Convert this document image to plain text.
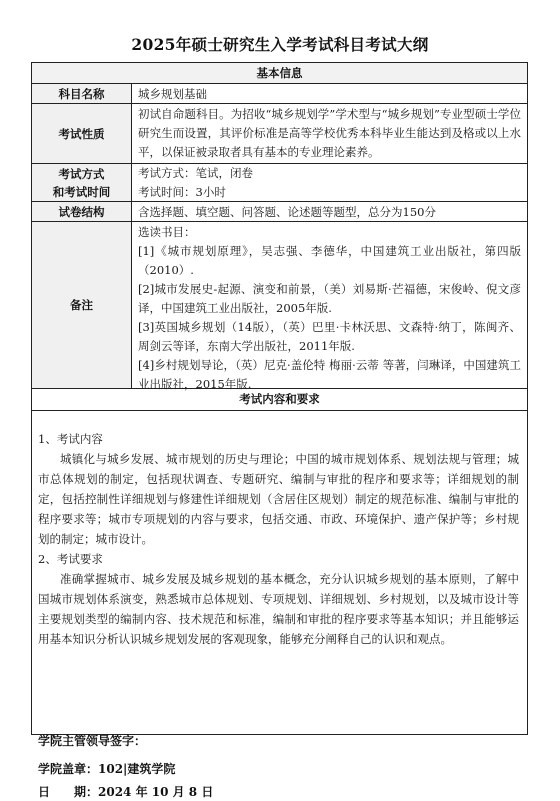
2025年硕士研究生入学考试科目考试大纲
基本信息
科目名称	城乡规划基础
考试性质
初试自命题科目。为招收“城乡规划学”学术型与“城乡规划”专业型硕士学位研究生而设置，其评价标准是高等学校优秀本科毕业生能达到及格或以上水平，以保证被录取者具有基本的专业理论素养。
考试方式
和考试时间
考试方式：笔试，闭卷
考试时间：3小时
试卷结构	含选择题、填空题、问答题、论述题等题型，总分为150分
备注
选读书目：
[1]《城市规划原理》，吴志强、李德华，中国建筑工业出版社，第四版（2010）.
[2]城市发展史-起源、演变和前景，（美）刘易斯·芒福德，宋俊岭、倪文彦译，中国建筑工业出版社，2005年版.
[3]英国城乡规划（14版），（英）巴里·卡林沃思、文森特·纳丁，陈闽齐、周剑云等译，东南大学出版社，2011年版.
[4]乡村规划导论，（英）尼克·盖伦特 梅丽·云蒂 等著，闫琳译，中国建筑工业出版社，2015年版.
考试内容和要求

1、考试内容

城镇化与城乡发展、城市规划的历史与理论；中国的城市规划体系、规划法规与管理；城市总体规划的制定，包括现状调查、专题研究、编制与审批的程序和要求等；详细规划的制定，包括控制性详细规划与修建性详细规划（含居住区规划）制定的规范标准、编制与审批的程序要求等；城市专项规划的内容与要求，包括交通、市政、环境保护、遗产保护等；乡村规划的制定；城市设计。

2、考试要求

准确掌握城市、城乡发展及城乡规划的基本概念，充分认识城乡规划的基本原则，了解中国城市规划体系演变，熟悉城市总体规划、专项规划、详细规划、乡村规划，以及城市设计等主要规划类型的编制内容、技术规范和标准，编制和审批的程序要求等基本知识；并且能够运用基本知识分析认识城乡规划发展的客观现象，能够充分阐释自己的认识和观点。

学院主管领导签字：
学院盖章：102|建筑学院
日　　期：2024 年 10 月 8 日
